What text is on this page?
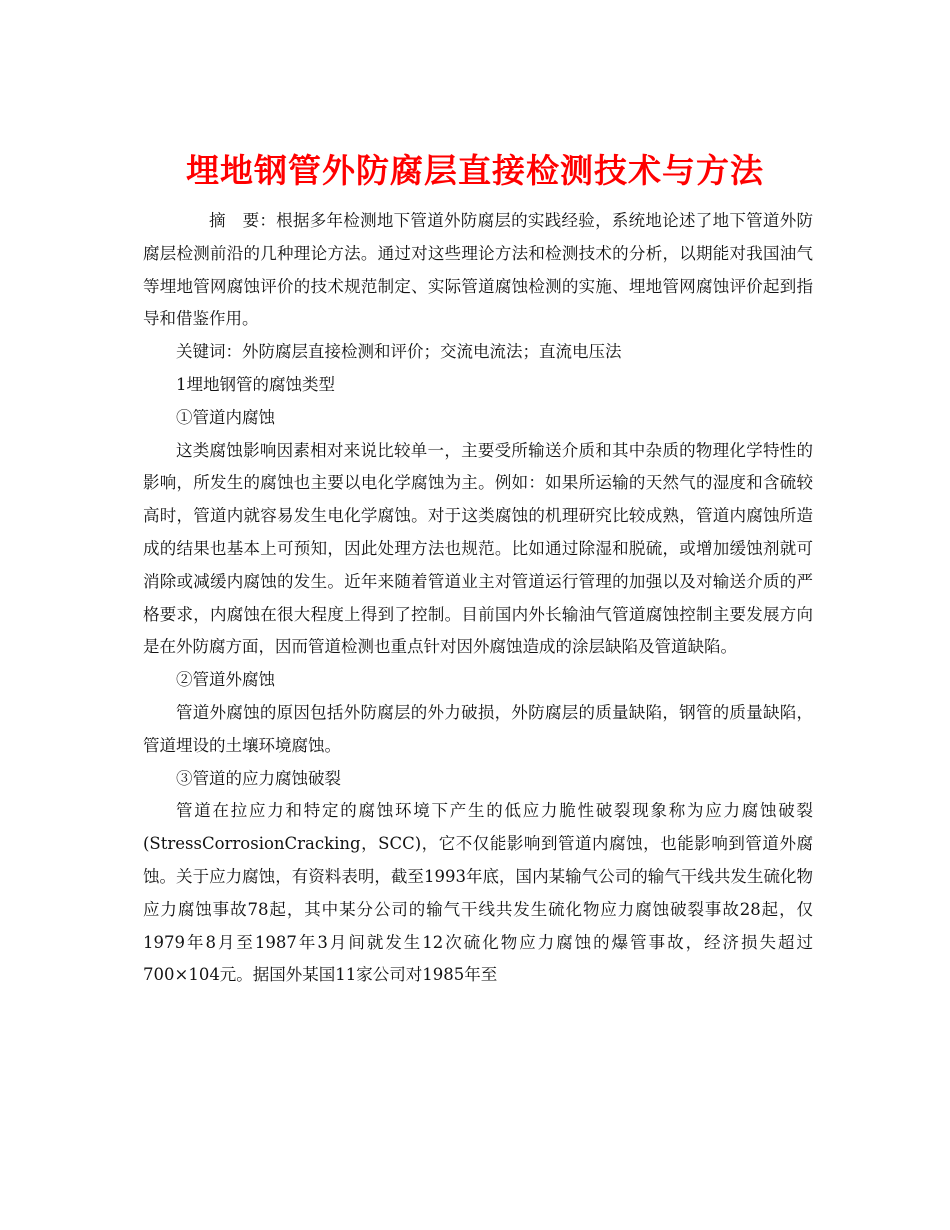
埋地钢管外防腐层直接检测技术与方法

摘　要：根据多年检测地下管道外防腐层的实践经验，系统地论述了地下管道外防腐层检测前沿的几种理论方法。通过对这些理论方法和检测技术的分析，以期能对我国油气等埋地管网腐蚀评价的技术规范制定、实际管道腐蚀检测的实施、埋地管网腐蚀评价起到指导和借鉴作用。

关键词：外防腐层直接检测和评价；交流电流法；直流电压法

1埋地钢管的腐蚀类型

①管道内腐蚀

这类腐蚀影响因素相对来说比较单一，主要受所输送介质和其中杂质的物理化学特性的影响，所发生的腐蚀也主要以电化学腐蚀为主。例如：如果所运输的天然气的湿度和含硫较高时，管道内就容易发生电化学腐蚀。对于这类腐蚀的机理研究比较成熟，管道内腐蚀所造成的结果也基本上可预知，因此处理方法也规范。比如通过除湿和脱硫，或增加缓蚀剂就可消除或减缓内腐蚀的发生。近年来随着管道业主对管道运行管理的加强以及对输送介质的严格要求，内腐蚀在很大程度上得到了控制。目前国内外长输油气管道腐蚀控制主要发展方向是在外防腐方面，因而管道检测也重点针对因外腐蚀造成的涂层缺陷及管道缺陷。

②管道外腐蚀

管道外腐蚀的原因包括外防腐层的外力破损，外防腐层的质量缺陷，钢管的质量缺陷，管道埋设的土壤环境腐蚀。

③管道的应力腐蚀破裂

管道在拉应力和特定的腐蚀环境下产生的低应力脆性破裂现象称为应力腐蚀破裂(StressCorrosionCracking，SCC)，它不仅能影响到管道内腐蚀，也能影响到管道外腐蚀。关于应力腐蚀，有资料表明，截至1993年底，国内某输气公司的输气干线共发生硫化物应力腐蚀事故78起，其中某分公司的输气干线共发生硫化物应力腐蚀破裂事故28起，仅1979年8月至1987年3月间就发生12次硫化物应力腐蚀的爆管事故，经济损失超过700×104元。据国外某国11家公司对1985年至
